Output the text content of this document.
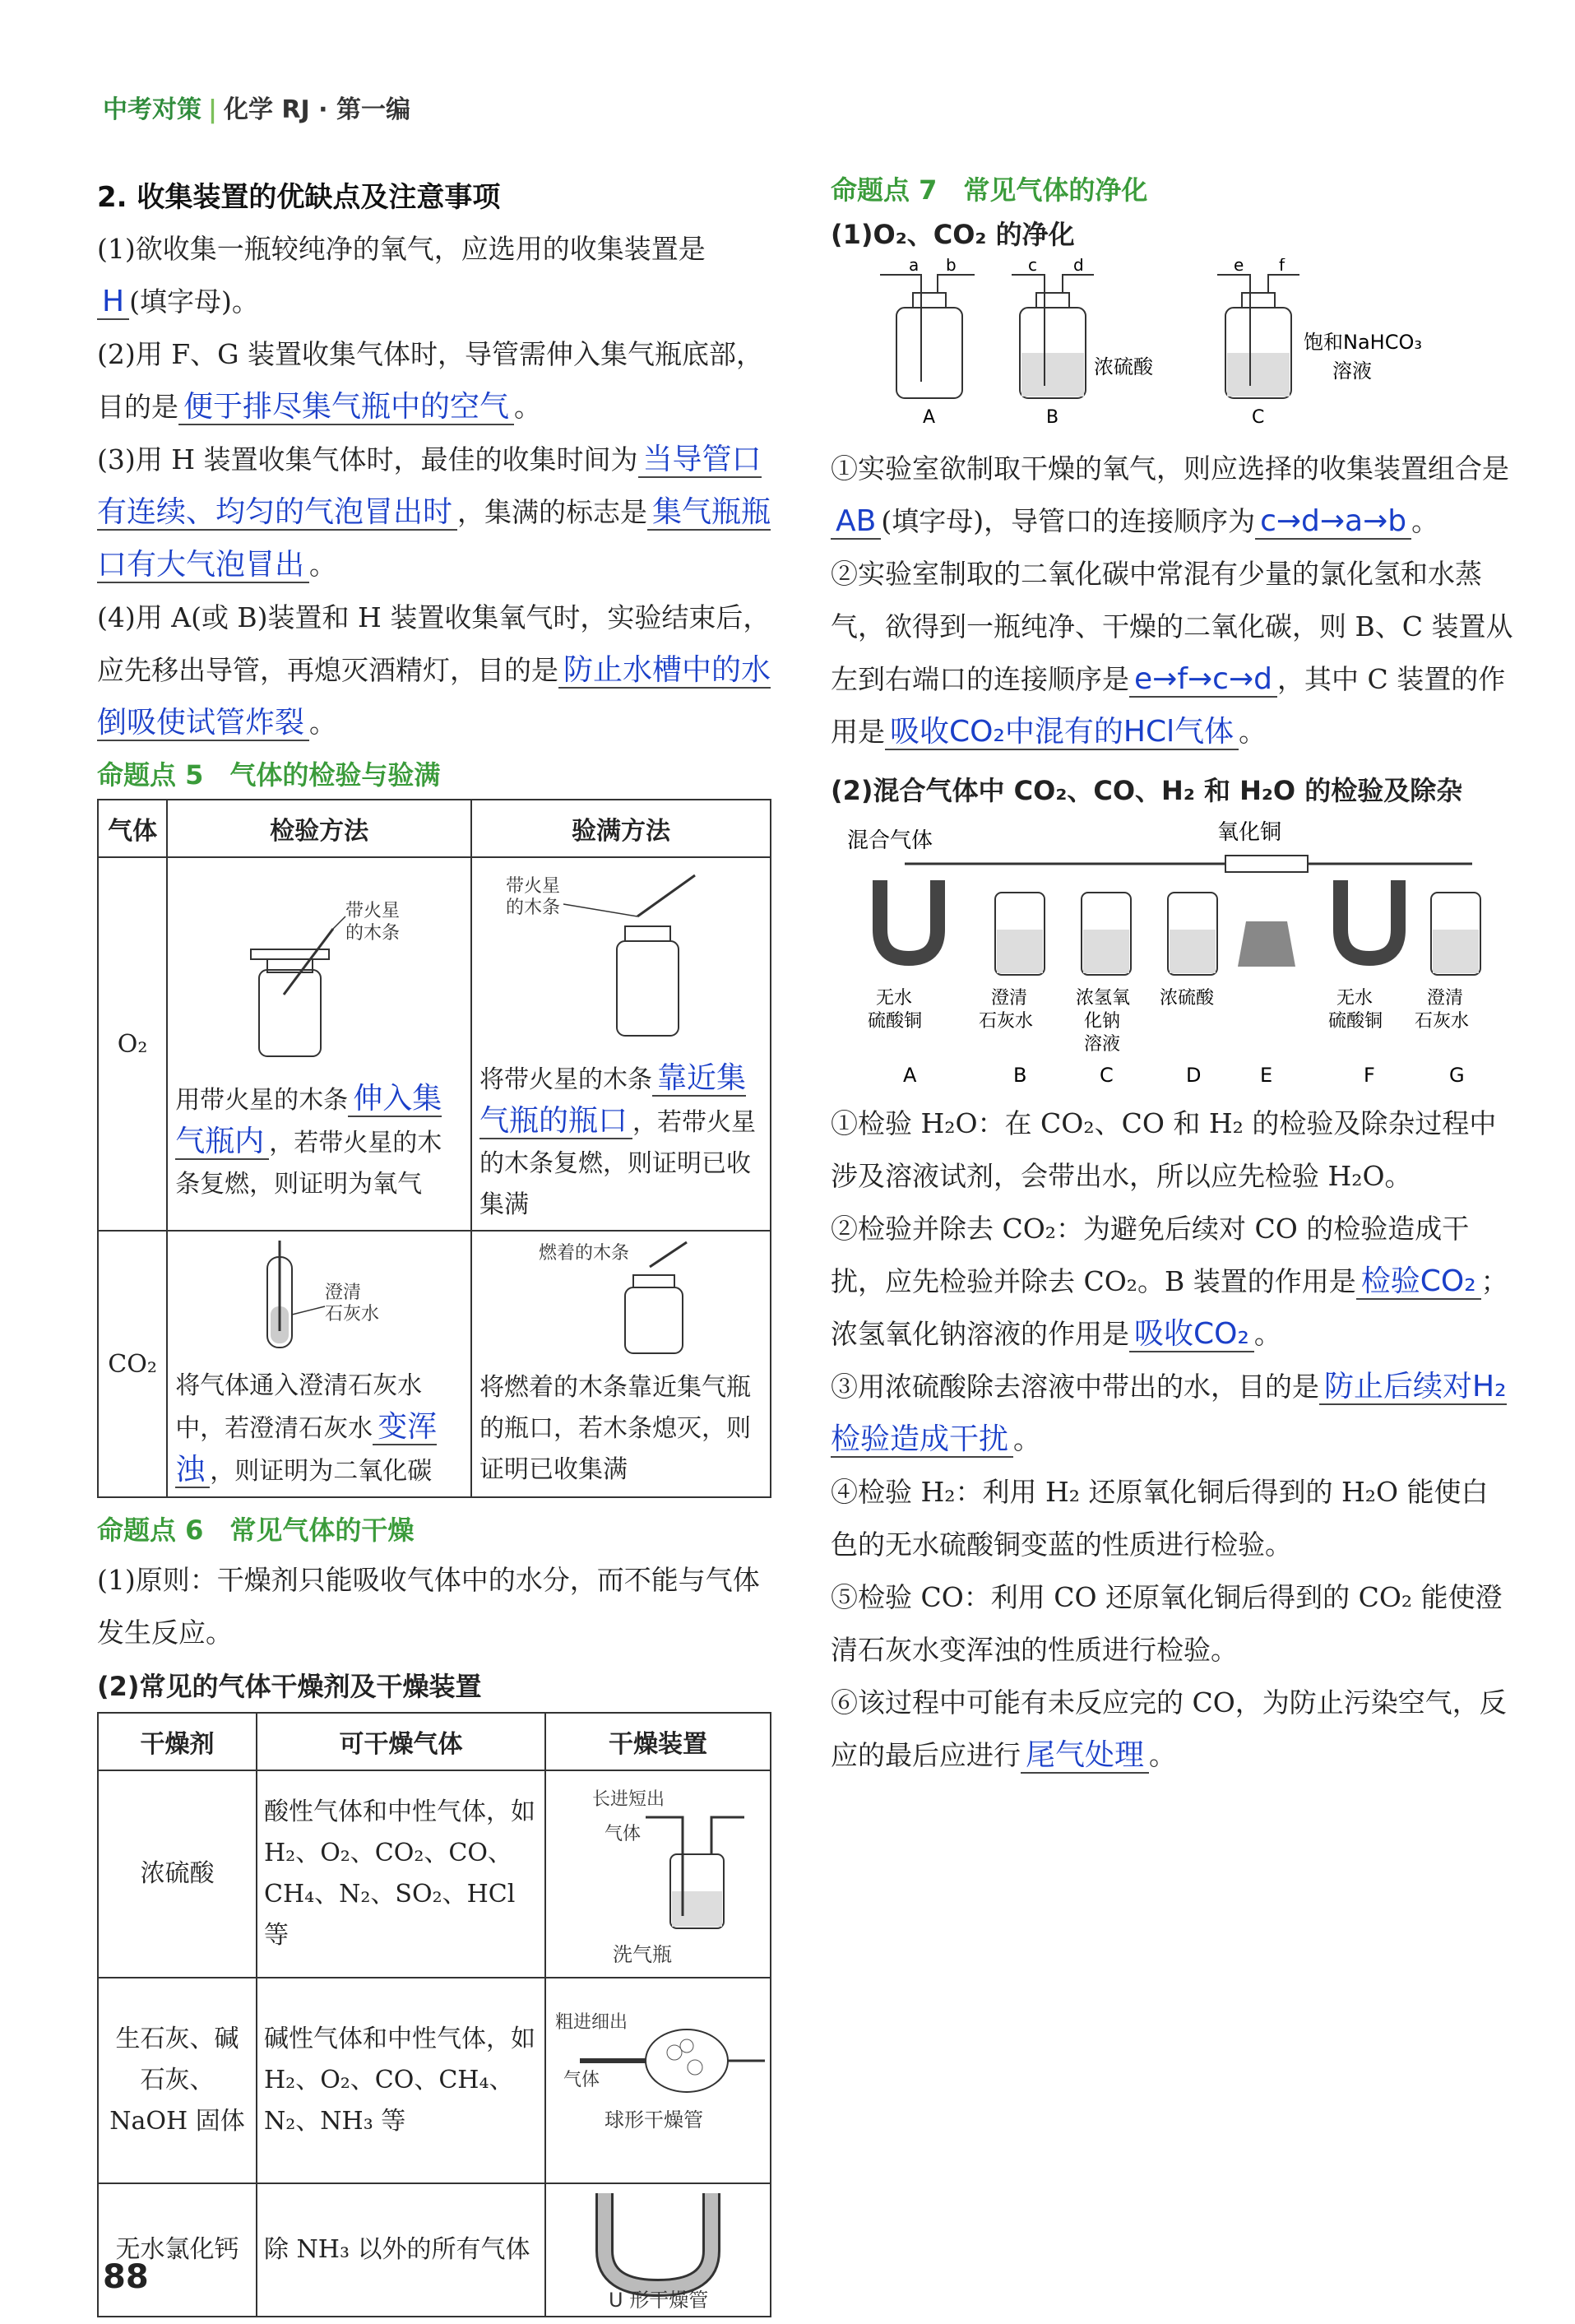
中考对策 | 化学 RJ · 第一编
2. 收集装置的优缺点及注意事项

(1)欲收集一瓶较纯净的氧气，应选用的收集装置是H (填字母)。

(2)用 F、G 装置收集气体时，导管需伸入集气瓶底部，目的是 便于排尽集气瓶中的空气 。

(3)用 H 装置收集气体时，最佳的收集时间为 当导管口有连续、均匀的气泡冒出时 ，集满的标志是 集气瓶瓶口有大气泡冒出 。

(4)用 A(或 B)装置和 H 装置收集氧气时，实验结束后，应先移出导管，再熄灭酒精灯，目的是 防止水槽中的水倒吸使试管炸裂 。

命题点 5　气体的检验与验满
气体	检验方法	验满方法
O₂	带火星
的木条
用带火星的木条 伸入集气瓶内 ，若带火星的木条复燃，则证明为氧气	带火星
的木条
将带火星的木条 靠近集气瓶的瓶口 ，若带火星的木条复燃，则证明已收集满

CO₂	澄清
石灰水
将气体通入澄清石灰水中，若澄清石灰水 变浑浊 ，则证明为二氧化碳	燃着的木条
将燃着的木条靠近集气瓶的瓶口，若木条熄灭，则证明已收集满
命题点 6　常见气体的干燥

(1)原则：干燥剂只能吸收气体中的水分，而不能与气体发生反应。

(2)常见的气体干燥剂及干燥装置
干燥剂	可干燥气体	干燥装置
浓硫酸	酸性气体和中性气体，如 H₂、O₂、CO₂、CO、CH₄、N₂、SO₂、HCl 等	长进短出
气体
洗气瓶

生石灰、碱石灰、NaOH 固体	碱性气体和中性气体，如 H₂、O₂、CO、CH₄、N₂、NH₃ 等	粗进细出
气体
球形干燥管

无水氯化钙	除 NH₃ 以外的所有气体	U 形干燥管
命题点 7　常见气体的净化
(1)O₂、CO₂ 的净化
a b
A
c d
浓硫酸
B
e f
饱和NaHCO₃
溶液
C

①实验室欲制取干燥的氧气，则应选择的收集装置组合是AB (填字母)，导管口的连接顺序为 c→d→a→b 。

②实验室制取的二氧化碳中常混有少量的氯化氢和水蒸气，欲得到一瓶纯净、干燥的二氧化碳，则 B、C 装置从左到右端口的连接顺序是 e→f→c→d ，其中 C 装置的作用是 吸收CO₂中混有的HCl气体 。

(2)混合气体中 CO₂、CO、H₂ 和 H₂O 的检验及除杂
混合气体	氧化铜
无水
硫酸铜
澄清
石灰水
浓氢氧
化钠
溶液
浓硫酸	无水
硫酸铜
澄清
石灰水
A	B	C	D	E	F	G

①检验 H₂O：在 CO₂、CO 和 H₂ 的检验及除杂过程中涉及溶液试剂，会带出水，所以应先检验 H₂O。

②检验并除去 CO₂：为避免后续对 CO 的检验造成干扰，应先检验并除去 CO₂。B 装置的作用是 检验CO₂ ；浓氢氧化钠溶液的作用是 吸收CO₂ 。

③用浓硫酸除去溶液中带出的水，目的是 防止后续对H₂检验造成干扰 。

④检验 H₂：利用 H₂ 还原氧化铜后得到的 H₂O 能使白色的无水硫酸铜变蓝的性质进行检验。

⑤检验 CO：利用 CO 还原氧化铜后得到的 CO₂ 能使澄清石灰水变浑浊的性质进行检验。

⑥该过程中可能有未反应完的 CO，为防止污染空气，反应的最后应进行 尾气处理 。

88
